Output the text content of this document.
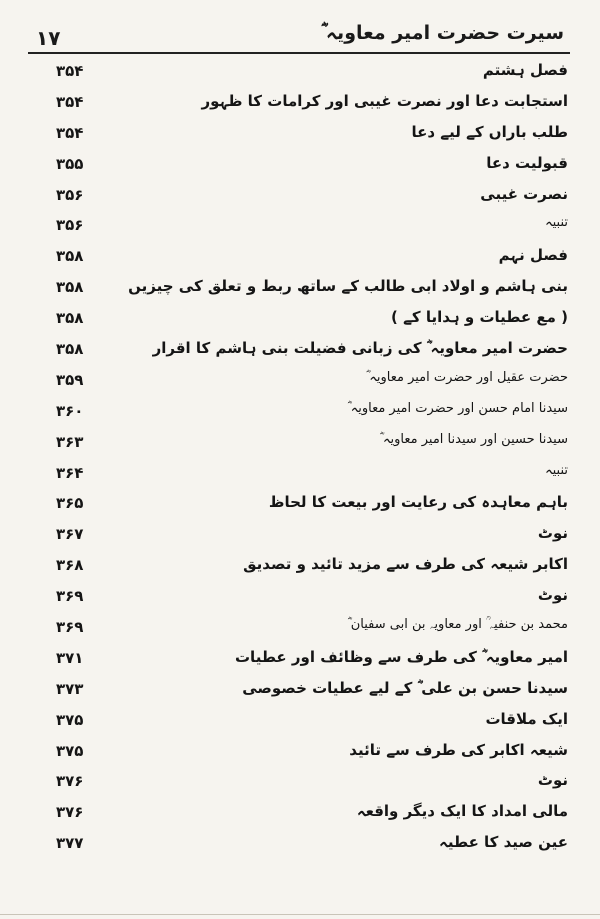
١٧	سیرت حضرت امیر معاویہ ؓ
فصل ہشتم
۳۵۴
استجابت دعا اور نصرت غیبی اور کرامات کا ظہور
۳۵۴
طلب باراں کے لیے دعا
۳۵۴
قبولیت دعا
۳۵۵
نصرت غیبی
۳۵۶
تنبیہ
۳۵۶
فصل نہم
۳۵۸
بنی ہاشم و اولاد ابی طالب کے ساتھ ربط و تعلق کی چیزیں
۳۵۸
( مع عطیات و ہدایا کے )
۳۵۸
حضرت امیر معاویہ ؓ کی زبانی فضیلت بنی ہاشم کا اقرار
۳۵۸
حضرت عقیل اور حضرت امیر معاویہ ؓ
۳۵۹
سیدنا امام حسن اور حضرت امیر معاویہ ؓ
۳۶۰
سیدنا حسین اور سیدنا امیر معاویہ ؓ
۳۶۳
تنبیہ
۳۶۴
باہم معاہدہ کی رعایت اور بیعت کا لحاظ
۳۶۵
نوٹ
۳۶۷
اکابر شیعہ کی طرف سے مزید تائید و تصدیق
۳۶۸
نوٹ
۳۶۹
محمد بن حنفیہ ؒ اور معاویہ بن ابی سفیان ؓ
۳۶۹
امیر معاویہ ؓ کی طرف سے وظائف اور عطیات
۳۷۱
سیدنا حسن بن علی ؓ کے لیے عطیات خصوصی
۳۷۳
ایک ملاقات
۳۷۵
شیعہ اکابر کی طرف سے تائید
۳۷۵
نوٹ
۳۷۶
مالی امداد کا ایک دیگر واقعہ
۳۷۶
عین صید کا عطیہ
۳۷۷
